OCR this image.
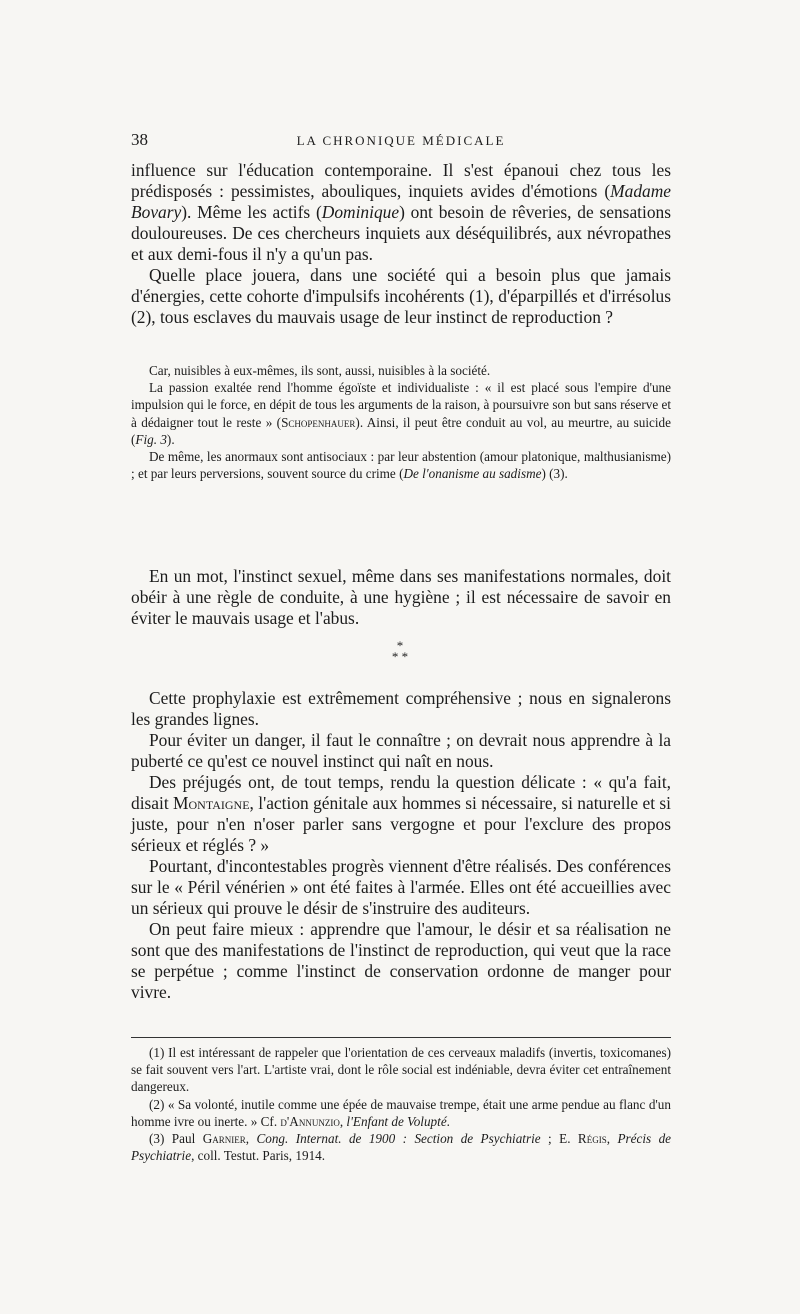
38	LA CHRONIQUE MÉDICALE

influence sur l'éducation contemporaine. Il s'est épanoui chez tous les prédisposés : pessimistes, abouliques, inquiets avides d'émotions (Madame Bovary). Même les actifs (Dominique) ont besoin de rêveries, de sensations douloureuses. De ces chercheurs inquiets aux déséquilibrés, aux névropathes et aux demi-fous il n'y a qu'un pas.

Quelle place jouera, dans une société qui a besoin plus que jamais d'énergies, cette cohorte d'impulsifs incohérents (1), d'éparpillés et d'irrésolus (2), tous esclaves du mauvais usage de leur instinct de reproduction ?

Car, nuisibles à eux-mêmes, ils sont, aussi, nuisibles à la société.

La passion exaltée rend l'homme égoïste et individualiste : « il est placé sous l'empire d'une impulsion qui le force, en dépit de tous les arguments de la raison, à poursuivre son but sans réserve et à dédaigner tout le reste » (Schopenhauer). Ainsi, il peut être conduit au vol, au meurtre, au suicide (Fig. 3).

De même, les anormaux sont antisociaux : par leur abstention (amour platonique, malthusianisme) ; et par leurs perversions, souvent source du crime (De l'onanisme au sadisme) (3).

En un mot, l'instinct sexuel, même dans ses manifestations normales, doit obéir à une règle de conduite, à une hygiène ; il est nécessaire de savoir en éviter le mauvais usage et l'abus.

*
* *

Cette prophylaxie est extrêmement compréhensive ; nous en signalerons les grandes lignes.

Pour éviter un danger, il faut le connaître ; on devrait nous apprendre à la puberté ce qu'est ce nouvel instinct qui naît en nous.

Des préjugés ont, de tout temps, rendu la question délicate : « qu'a fait, disait Montaigne, l'action génitale aux hommes si nécessaire, si naturelle et si juste, pour n'en n'oser parler sans vergogne et pour l'exclure des propos sérieux et réglés ? »

Pourtant, d'incontestables progrès viennent d'être réalisés. Des conférences sur le « Péril vénérien » ont été faites à l'armée. Elles ont été accueillies avec un sérieux qui prouve le désir de s'instruire des auditeurs.

On peut faire mieux : apprendre que l'amour, le désir et sa réalisation ne sont que des manifestations de l'instinct de reproduction, qui veut que la race se perpétue ; comme l'instinct de conservation ordonne de manger pour vivre.

(1) Il est intéressant de rappeler que l'orientation de ces cerveaux maladifs (invertis, toxicomanes) se fait souvent vers l'art. L'artiste vrai, dont le rôle social est indéniable, devra éviter cet entraînement dangereux.

(2) « Sa volonté, inutile comme une épée de mauvaise trempe, était une arme pendue au flanc d'un homme ivre ou inerte. » Cf. d'Annunzio, l'Enfant de Volupté.

(3) Paul Garnier, Cong. Internat. de 1900 : Section de Psychiatrie ; E. Régis, Précis de Psychiatrie, coll. Testut. Paris, 1914.
